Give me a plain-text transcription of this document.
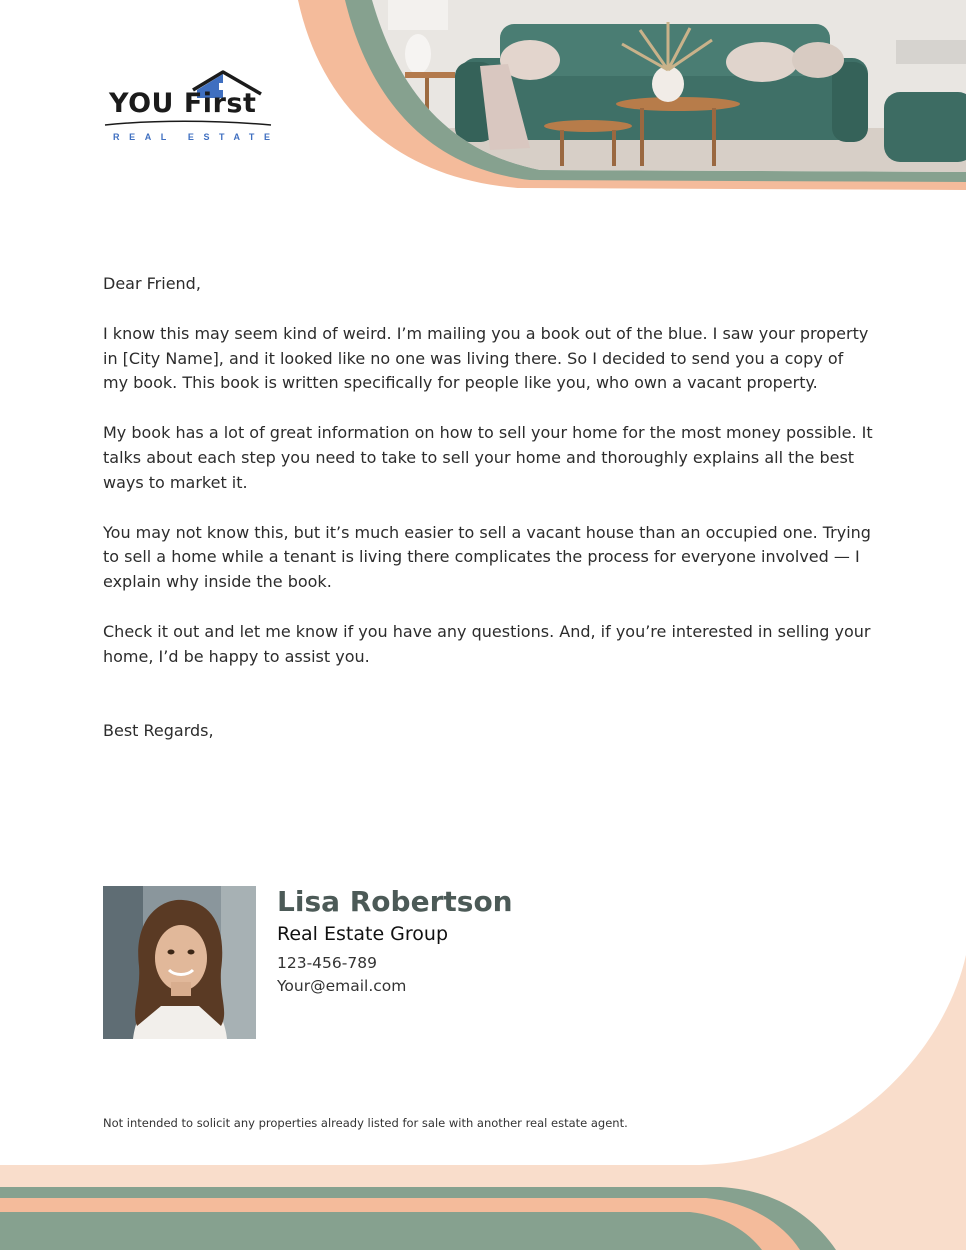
YOU First
REAL ESTATE

Dear Friend,

I know this may seem kind of weird. I’m mailing you a book out of the blue. I saw your property in [City Name], and it looked like no one was living there. So I decided to send you a copy of my book. This book is written specifically for people like you, who own a vacant property.

My book has a lot of great information on how to sell your home for the most money possible. It talks about each step you need to take to sell your home and thoroughly explains all the best ways to market it.

You may not know this, but it’s much easier to sell a vacant house than an occupied one. Trying to sell a home while a tenant is living there complicates the process for everyone involved — I explain why inside the book.

Check it out and let me know if you have any questions. And, if you’re interested in selling your home, I’d be happy to assist you.

Best Regards,

Lisa Robertson
Real Estate Group
123-456-789
Your@email.com
Not intended to solicit any properties already listed for sale with another real estate agent.
